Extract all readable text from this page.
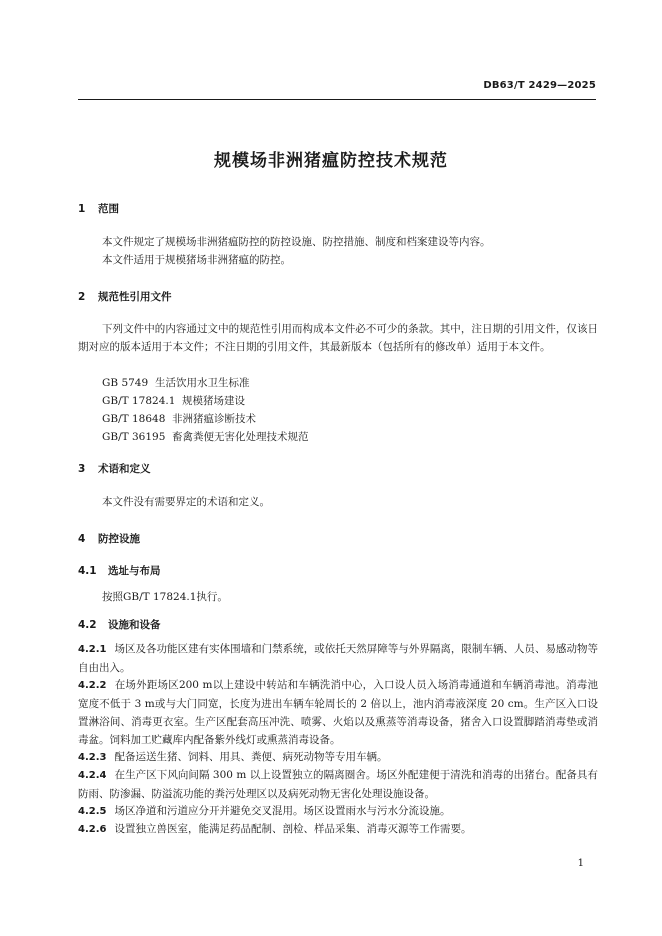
DB63/T 2429—2025
规模场非洲猪瘟防控技术规范
1 范围
本文件规定了规模场非洲猪瘟防控的防控设施、防控措施、制度和档案建设等内容。
本文件适用于规模猪场非洲猪瘟的防控。
2 规范性引用文件
下列文件中的内容通过文中的规范性引用而构成本文件必不可少的条款。其中，注日期的引用文件，仅该日期对应的版本适用于本文件；不注日期的引用文件，其最新版本（包括所有的修改单）适用于本文件。
GB 5749 生活饮用水卫生标准
GB/T 17824.1 规模猪场建设
GB/T 18648 非洲猪瘟诊断技术
GB/T 36195 畜禽粪便无害化处理技术规范
3 术语和定义
本文件没有需要界定的术语和定义。
4 防控设施
4.1 选址与布局
按照GB/T 17824.1执行。
4.2 设施和设备
4.2.1 场区及各功能区建有实体围墙和门禁系统，或依托天然屏障等与外界隔离，限制车辆、人员、易感动物等自由出入。
4.2.2 在场外距场区200 m以上建设中转站和车辆洗消中心，入口设人员入场消毒通道和车辆消毒池。消毒池宽度不低于 3 m或与大门同宽，长度为进出车辆车轮周长的 2 倍以上，池内消毒液深度 20 cm。生产区入口设置淋浴间、消毒更衣室。生产区配套高压冲洗、喷雾、火焰以及熏蒸等消毒设备，猪舍入口设置脚踏消毒垫或消毒盆。饲料加工贮藏库内配备紫外线灯或熏蒸消毒设备。
4.2.3 配备运送生猪、饲料、用具、粪便、病死动物等专用车辆。
4.2.4 在生产区下风向间隔 300 m 以上设置独立的隔离圈舍。场区外配建便于清洗和消毒的出猪台。配备具有防雨、防渗漏、防溢流功能的粪污处理区以及病死动物无害化处理设施设备。
4.2.5 场区净道和污道应分开并避免交叉混用。场区设置雨水与污水分流设施。
4.2.6 设置独立兽医室，能满足药品配制、剖检、样品采集、消毒灭源等工作需要。
1
